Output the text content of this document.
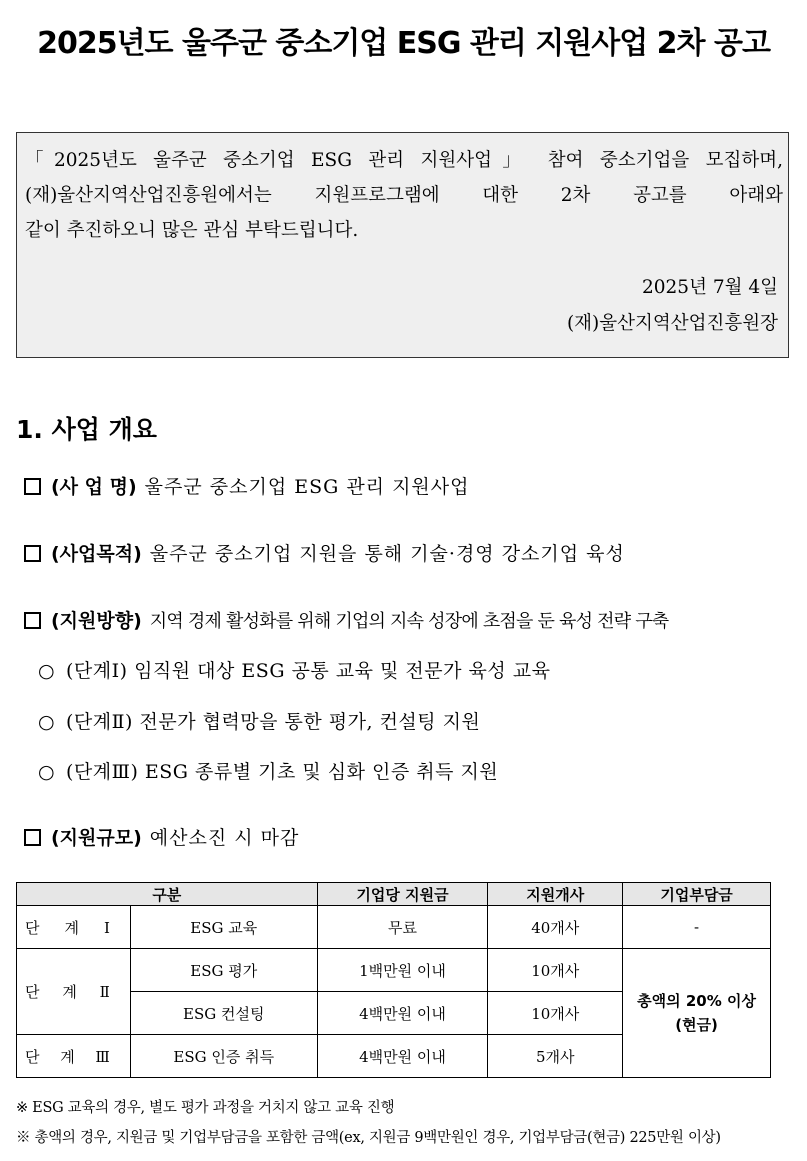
2025년도 울주군 중소기업 ESG 관리 지원사업 2차 공고
「2025년도 울주군 중소기업 ESG 관리 지원사업」 참여 중소기업을 모집하며,
(재)울산지역산업진흥원에서는 지원프로그램에 대한 2차 공고를 아래와
같이 추진하오니 많은 관심 부탁드립니다.
2025년 7월 4일
(재)울산지역산업진흥원장
1. 사업 개요
(사 업 명) 울주군 중소기업 ESG 관리 지원사업
(사업목적) 울주군 중소기업 지원을 통해 기술·경영 강소기업 육성
(지원방향) 지역 경제 활성화를 위해 기업의 지속 성장에 초점을 둔 육성 전략 구축
○ (단계Ⅰ) 임직원 대상 ESG 공통 교육 및 전문가 육성 교육
○ (단계Ⅱ) 전문가 협력망을 통한 평가, 컨설팅 지원
○ (단계Ⅲ) ESG 종류별 기초 및 심화 인증 취득 지원
(지원규모) 예산소진 시 마감
구분		기업당 지원금	지원개사	기업부담금
단 계 Ⅰ	ESG 교육	무료	40개사	-
단 계 Ⅱ	ESG 평가	1백만원 이내	10개사	총액의 20% 이상
(현금)

	ESG 컨설팅	4백만원 이내	10개사	
단 계 Ⅲ	ESG 인증 취득	4백만원 이내	5개사	
※ ESG 교육의 경우, 별도 평가 과정을 거치지 않고 교육 진행
※ 총액의 경우, 지원금 및 기업부담금을 포함한 금액(ex, 지원금 9백만원인 경우, 기업부담금(현금) 225만원 이상)
